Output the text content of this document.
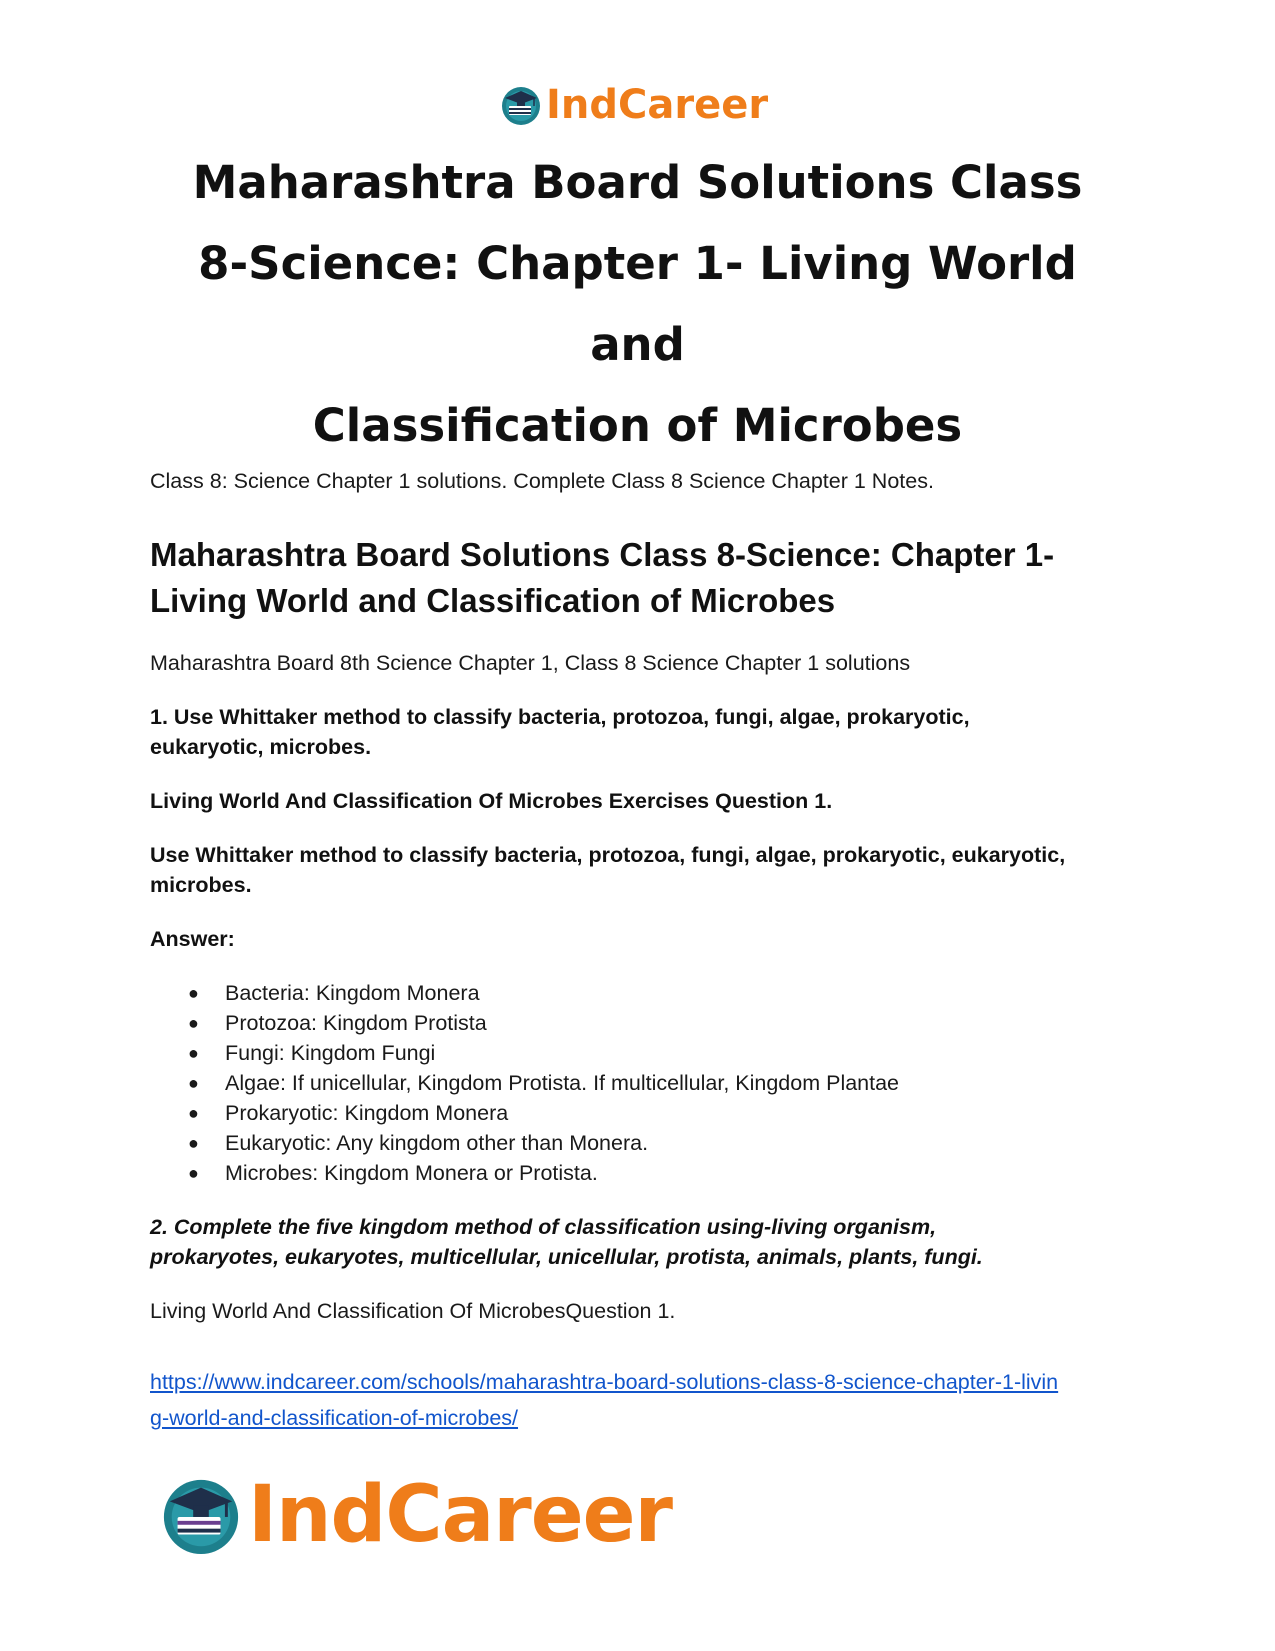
IndCareer
Maharashtra Board Solutions Class
8-Science: Chapter 1- Living World and
Classification of Microbes

Class 8: Science Chapter 1 solutions. Complete Class 8 Science Chapter 1 Notes.

Maharashtra Board Solutions Class 8-Science: Chapter 1-
Living World and Classification of Microbes

Maharashtra Board 8th Science Chapter 1, Class 8 Science Chapter 1 solutions

1. Use Whittaker method to classify bacteria, protozoa, fungi, algae, prokaryotic,
eukaryotic, microbes.

Living World And Classification Of Microbes Exercises Question 1.

Use Whittaker method to classify bacteria, protozoa, fungi, algae, prokaryotic, eukaryotic,
microbes.

Answer:

● Bacteria: Kingdom Monera
● Protozoa: Kingdom Protista
● Fungi: Kingdom Fungi
● Algae: If unicellular, Kingdom Protista. If multicellular, Kingdom Plantae
● Prokaryotic: Kingdom Monera
● Eukaryotic: Any kingdom other than Monera.
● Microbes: Kingdom Monera or Protista.

2. Complete the five kingdom method of classification using-living organism,
prokaryotes, eukaryotes, multicellular, unicellular, protista, animals, plants, fungi.

Living World And Classification Of MicrobesQuestion 1.

https://www.indcareer.com/schools/maharashtra-board-solutions-class-8-science-chapter-1-livin
g-world-and-classification-of-microbes/
IndCareer
